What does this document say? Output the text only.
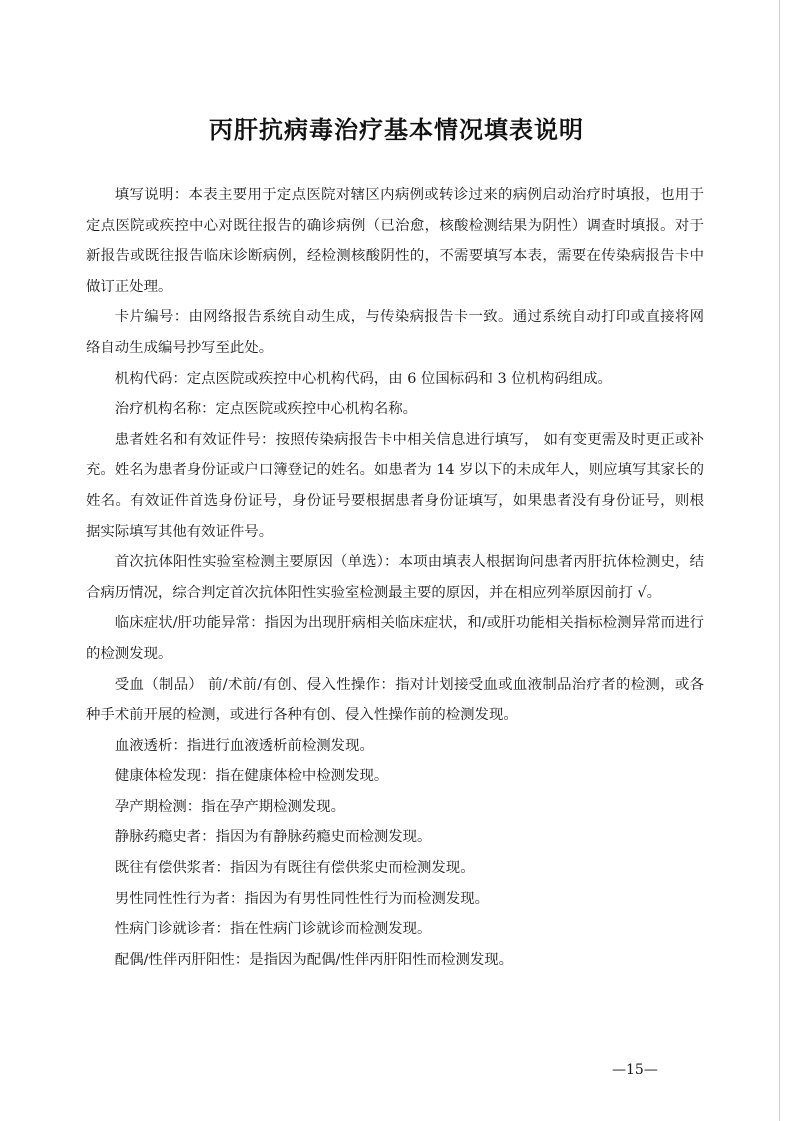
丙肝抗病毒治疗基本情况填表说明

填写说明：本表主要用于定点医院对辖区内病例或转诊过来的病例启动治疗时填报，也用于定点医院或疾控中心对既往报告的确诊病例（已治愈，核酸检测结果为阴性）调查时填报。对于新报告或既往报告临床诊断病例，经检测核酸阴性的，不需要填写本表，需要在传染病报告卡中做订正处理。

卡片编号：由网络报告系统自动生成，与传染病报告卡一致。通过系统自动打印或直接将网络自动生成编号抄写至此处。

机构代码：定点医院或疾控中心机构代码，由 6 位国标码和 3 位机构码组成。

治疗机构名称：定点医院或疾控中心机构名称。

患者姓名和有效证件号：按照传染病报告卡中相关信息进行填写， 如有变更需及时更正或补充。姓名为患者身份证或户口簿登记的姓名。如患者为 14 岁以下的未成年人，则应填写其家长的姓名。有效证件首选身份证号，身份证号要根据患者身份证填写，如果患者没有身份证号，则根据实际填写其他有效证件号。

首次抗体阳性实验室检测主要原因（单选）：本项由填表人根据询问患者丙肝抗体检测史，结合病历情况，综合判定首次抗体阳性实验室检测最主要的原因，并在相应列举原因前打 √。

临床症状/肝功能异常：指因为出现肝病相关临床症状，和/或肝功能相关指标检测异常而进行的检测发现。

受血（制品） 前/术前/有创、侵入性操作：指对计划接受血或血液制品治疗者的检测，或各种手术前开展的检测，或进行各种有创、侵入性操作前的检测发现。

血液透析：指进行血液透析前检测发现。

健康体检发现：指在健康体检中检测发现。

孕产期检测：指在孕产期检测发现。

静脉药瘾史者：指因为有静脉药瘾史而检测发现。

既往有偿供浆者：指因为有既往有偿供浆史而检测发现。

男性同性性行为者：指因为有男性同性性行为而检测发现。

性病门诊就诊者：指在性病门诊就诊而检测发现。

配偶/性伴丙肝阳性：是指因为配偶/性伴丙肝阳性而检测发现。

—15—
